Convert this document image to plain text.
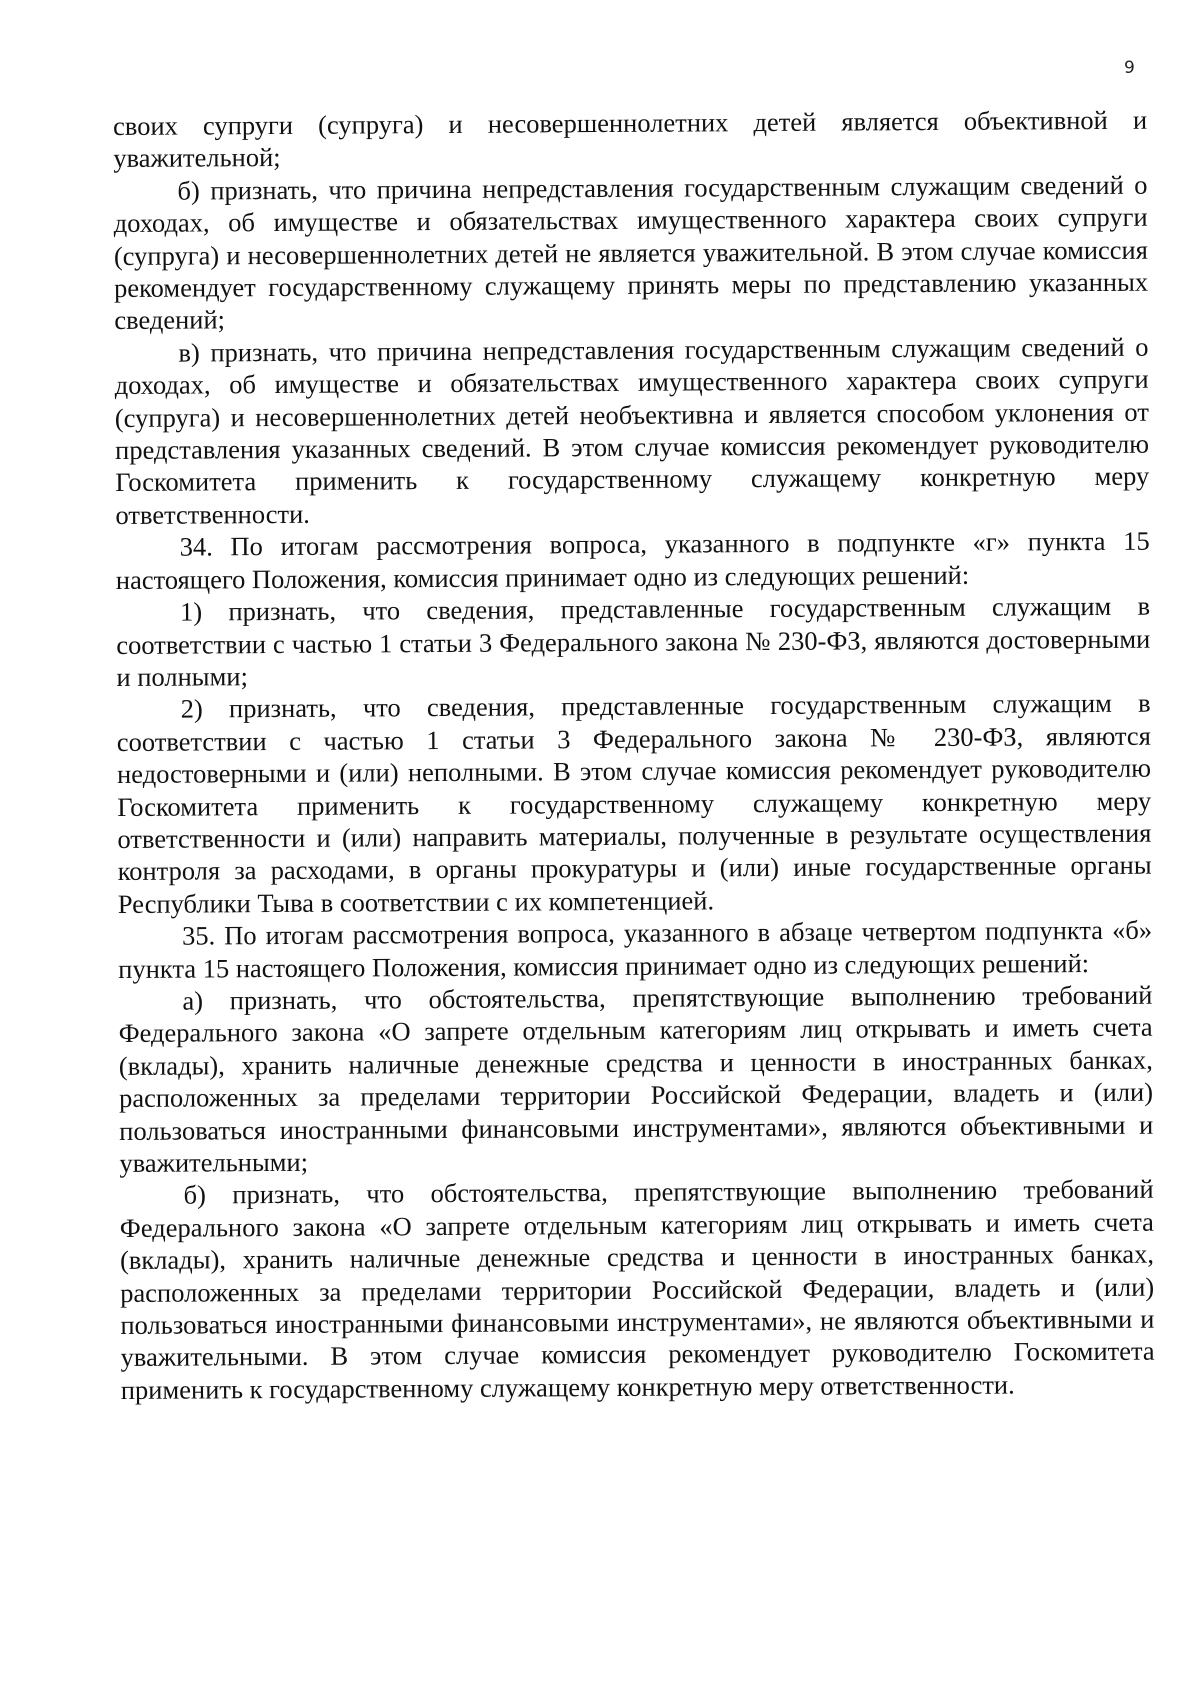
9

своих супруги (супруга) и несовершеннолетних детей является объективной и уважительной;

б) признать, что причина непредставления государственным служащим сведений о доходах, об имуществе и обязательствах имущественного характера своих супруги (супруга) и несовершеннолетних детей не является уважительной. В этом случае комиссия рекомендует государственному служащему принять меры по представлению указанных сведений;

в) признать, что причина непредставления государственным служащим сведений о доходах, об имуществе и обязательствах имущественного характера своих супруги (супруга) и несовершеннолетних детей необъективна и является способом уклонения от представления указанных сведений. В этом случае комиссия рекомендует руководителю Госкомитета применить к государственному служащему конкретную меру ответственности.

34. По итогам рассмотрения вопроса, указанного в подпункте «г» пункта 15 настоящего Положения, комиссия принимает одно из следующих решений:

1) признать, что сведения, представленные государственным служащим в соответствии с частью 1 статьи 3 Федерального закона № 230-ФЗ, являются достоверными и полными;

2) признать, что сведения, представленные государственным служащим в соответствии с частью 1 статьи 3 Федерального закона № 230-ФЗ, являются недостоверными и (или) неполными. В этом случае комиссия рекомендует руководителю Госкомитета применить к государственному служащему конкретную меру ответственности и (или) направить материалы, полученные в результате осуществления контроля за расходами, в органы прокуратуры и (или) иные государственные органы Республики Тыва в соответствии с их компетенцией.

35. По итогам рассмотрения вопроса, указанного в абзаце четвертом подпункта «б» пункта 15 настоящего Положения, комиссия принимает одно из следующих решений:

а) признать, что обстоятельства, препятствующие выполнению требований Федерального закона «О запрете отдельным категориям лиц открывать и иметь счета (вклады), хранить наличные денежные средства и ценности в иностранных банках, расположенных за пределами территории Российской Федерации, владеть и (или) пользоваться иностранными финансовыми инструментами», являются объективными и уважительными;

б) признать, что обстоятельства, препятствующие выполнению требований Федерального закона «О запрете отдельным категориям лиц открывать и иметь счета (вклады), хранить наличные денежные средства и ценности в иностранных банках, расположенных за пределами территории Российской Федерации, владеть и (или) пользоваться иностранными финансовыми инструментами», не являются объективными и уважительными. В этом случае комиссия рекомендует руководителю Госкомитета применить к государственному служащему конкретную меру ответственности.
